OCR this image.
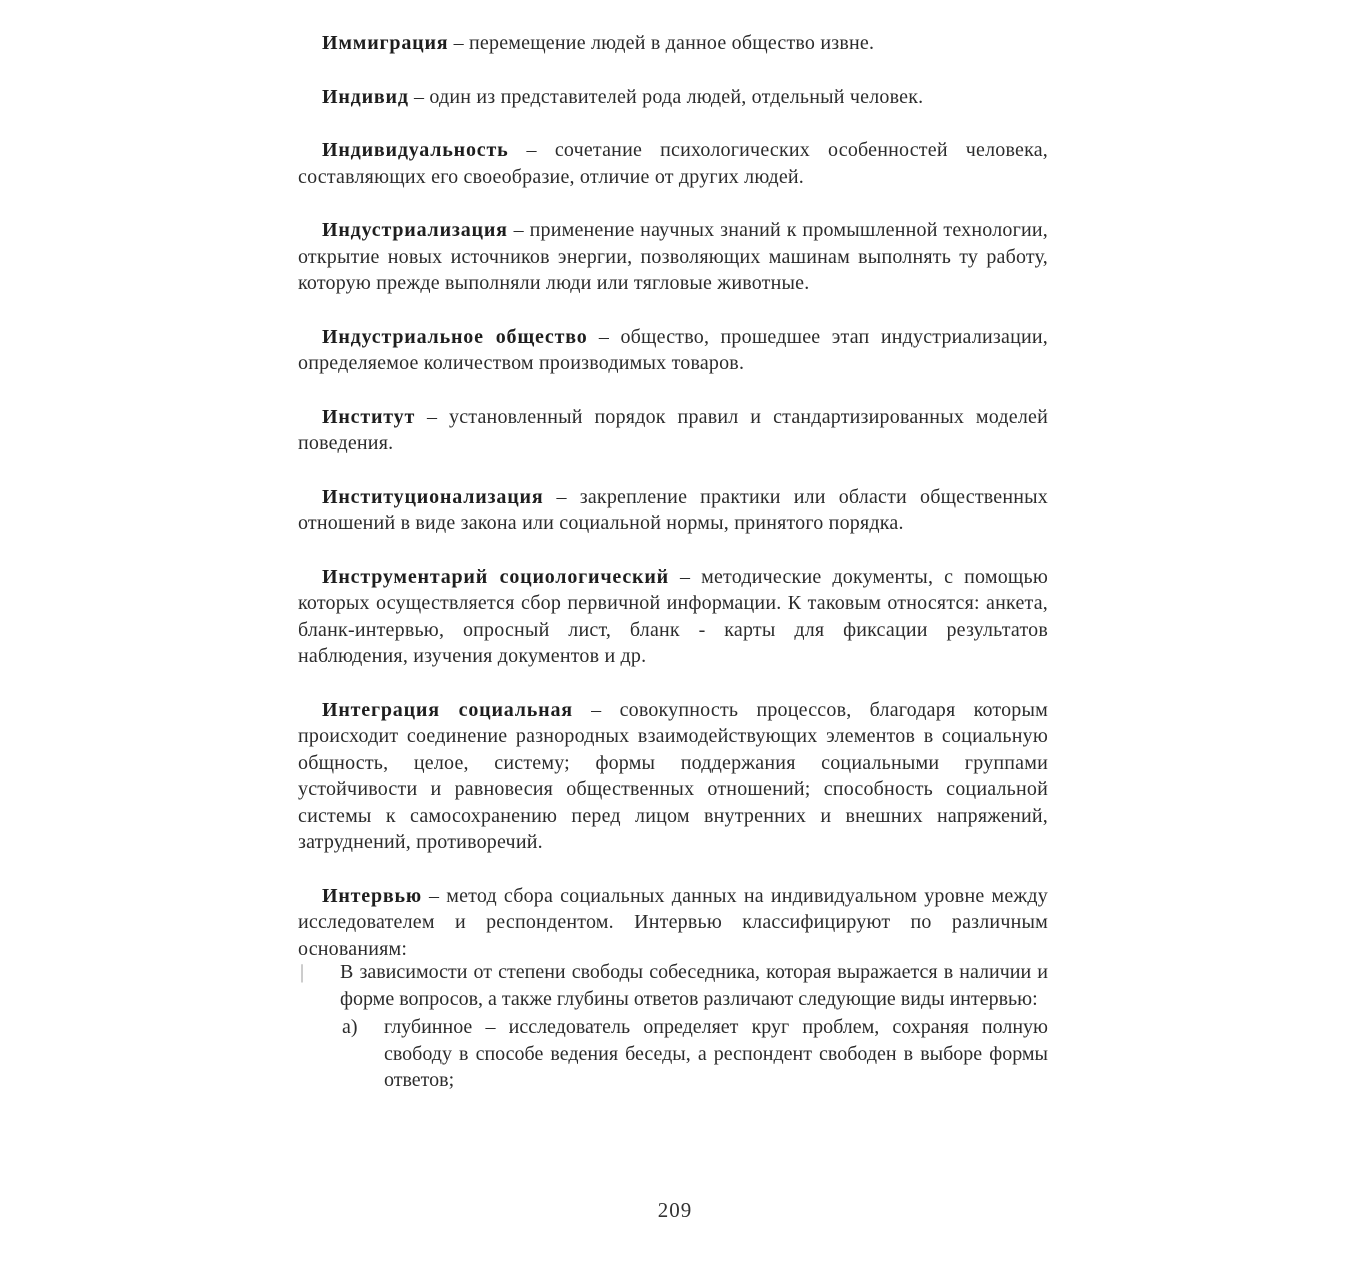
Иммиграция – перемещение людей в данное общество извне.

Индивид – один из представителей рода людей, отдельный человек.

Индивидуальность – сочетание психологических особенностей человека, составляющих его своеобразие, отличие от других людей.

Индустриализация – применение научных знаний к промышленной технологии, открытие новых источников энергии, позволяющих машинам выполнять ту работу, которую прежде выполняли люди или тягловые животные.

Индустриальное общество – общество, прошедшее этап индустриализации, определяемое количеством производимых товаров.

Институт – установленный порядок правил и стандартизированных моделей поведения.

Институционализация – закрепление практики или области общественных отношений в виде закона или социальной нормы, принятого порядка.

Инструментарий социологический – методические документы, с помощью которых осуществляется сбор первичной информации. К таковым относятся: анкета, бланк-интервью, опросный лист, бланк - карты для фиксации результатов наблюдения, изучения документов и др.

Интеграция социальная – совокупность процессов, благодаря которым происходит соединение разнородных взаимодействующих элементов в социальную общность, целое, систему; формы поддержания социальными группами устойчивости и равновесия общественных отношений; способность социальной системы к самосохранению перед лицом внутренних и внешних напряжений, затруднений, противоречий.

Интервью – метод сбора социальных данных на индивидуальном уровне между исследователем и респондентом. Интервью классифицируют по различным основаниям:

| В зависимости от степени свободы собеседника, которая выражается в наличии и форме вопросов, а также глубины ответов различают следующие виды интервью:
а) глубинное – исследователь определяет круг проблем, сохраняя полную свободу в способе ведения беседы, а респондент свободен в выборе формы ответов;
209
